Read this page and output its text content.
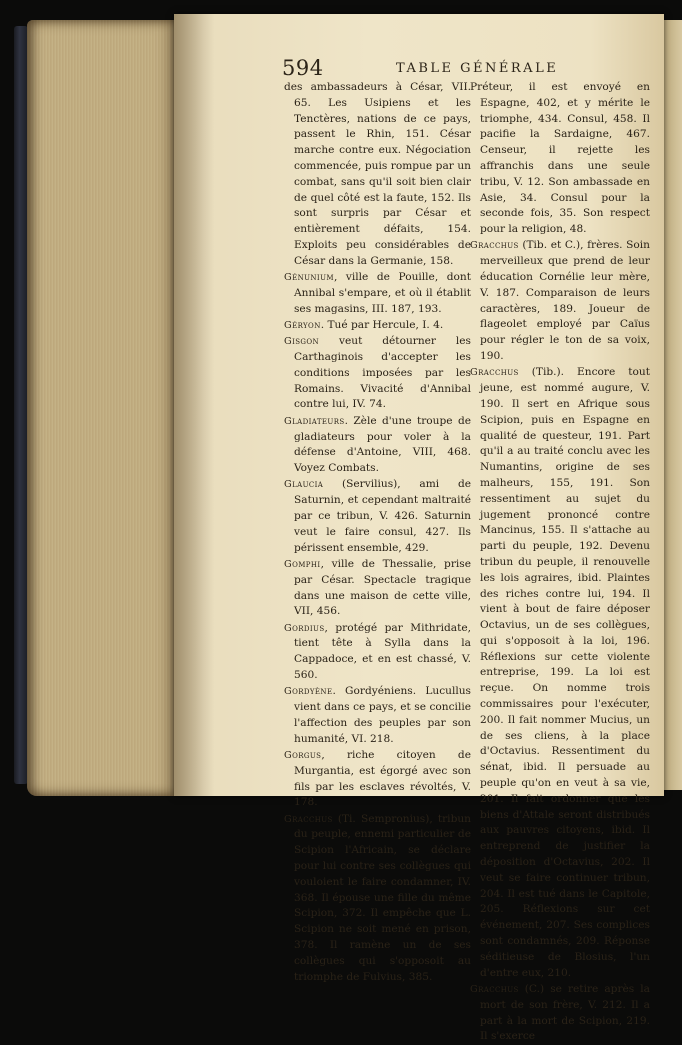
594	TABLE GÉNÉRALE

des ambassadeurs à César, VII. 65. Les Usipiens et les Tenctères, nations de ce pays, passent le Rhin, 151. César marche contre eux. Négociation commencée, puis rompue par un combat, sans qu'il soit bien clair de quel côté est la faute, 152. Ils sont surpris par César et entièrement défaits, 154. Exploits peu considérables de César dans la Germanie, 158.

Génunium, ville de Pouille, dont Annibal s'empare, et où il établit ses magasins, III. 187, 193.

Géryon. Tué par Hercule, I. 4.

Gisgon veut détourner les Carthaginois d'accepter les conditions imposées par les Romains. Vivacité d'Annibal contre lui, IV. 74.

Gladiateurs. Zèle d'une troupe de gladiateurs pour voler à la défense d'Antoine, VIII, 468. Voyez Combats.

Glaucia (Servilius), ami de Saturnin, et cependant maltraité par ce tribun, V. 426. Saturnin veut le faire consul, 427. Ils périssent ensemble, 429.

Gomphi, ville de Thessalie, prise par César. Spectacle tragique dans une maison de cette ville, VII, 456.

Gordius, protégé par Mithridate, tient tête à Sylla dans la Cappadoce, et en est chassé, V. 560.

Gordyène. Gordyéniens. Lucullus vient dans ce pays, et se concilie l'affection des peuples par son humanité, VI. 218.

Gorgus, riche citoyen de Murgantia, est égorgé avec son fils par les esclaves révoltés, V. 178.

Gracchus (Ti. Sempronius), tribun du peuple, ennemi particulier de Scipion l'Africain, se déclare pour lui contre ses collègues qui vouloient le faire condamner, IV. 368. Il épouse une fille du même Scipion, 372. Il empêche que L. Scipion ne soit mené en prison, 378. Il ramène un de ses collègues qui s'opposoit au triomphe de Fulvius, 385.

Préteur, il est envoyé en Espagne, 402, et y mérite le triomphe, 434. Consul, 458. Il pacifie la Sardaigne, 467. Censeur, il rejette les affranchis dans une seule tribu, V. 12. Son ambassade en Asie, 34. Consul pour la seconde fois, 35. Son respect pour la religion, 48.

Gracchus (Tib. et C.), frères. Soin merveilleux que prend de leur éducation Cornélie leur mère, V. 187. Comparaison de leurs caractères, 189. Joueur de flageolet employé par Caïus pour régler le ton de sa voix, 190.

Gracchus (Tib.). Encore tout jeune, est nommé augure, V. 190. Il sert en Afrique sous Scipion, puis en Espagne en qualité de questeur, 191. Part qu'il a au traité conclu avec les Numantins, origine de ses malheurs, 155, 191. Son ressentiment au sujet du jugement prononcé contre Mancinus, 155. Il s'attache au parti du peuple, 192. Devenu tribun du peuple, il renouvelle les lois agraires, ibid. Plaintes des riches contre lui, 194. Il vient à bout de faire déposer Octavius, un de ses collègues, qui s'opposoit à la loi, 196. Réflexions sur cette violente entreprise, 199. La loi est reçue. On nomme trois commissaires pour l'exécuter, 200. Il fait nommer Mucius, un de ses cliens, à la place d'Octavius. Ressentiment du sénat, ibid. Il persuade au peuple qu'on en veut à sa vie, 201. Il fait ordonner que les biens d'Attale seront distribués aux pauvres citoyens, ibid. Il entreprend de justifier la déposition d'Octavius, 202. Il veut se faire continuer tribun, 204. Il est tué dans le Capitole, 205. Réflexions sur cet événement, 207. Ses complices sont condamnés, 209. Réponse séditieuse de Blosius, l'un d'entre eux, 210.

Gracchus (C.) se retire après la mort de son frère, V. 212. Il a part à la mort de Scipion, 219. Il s'exerce
